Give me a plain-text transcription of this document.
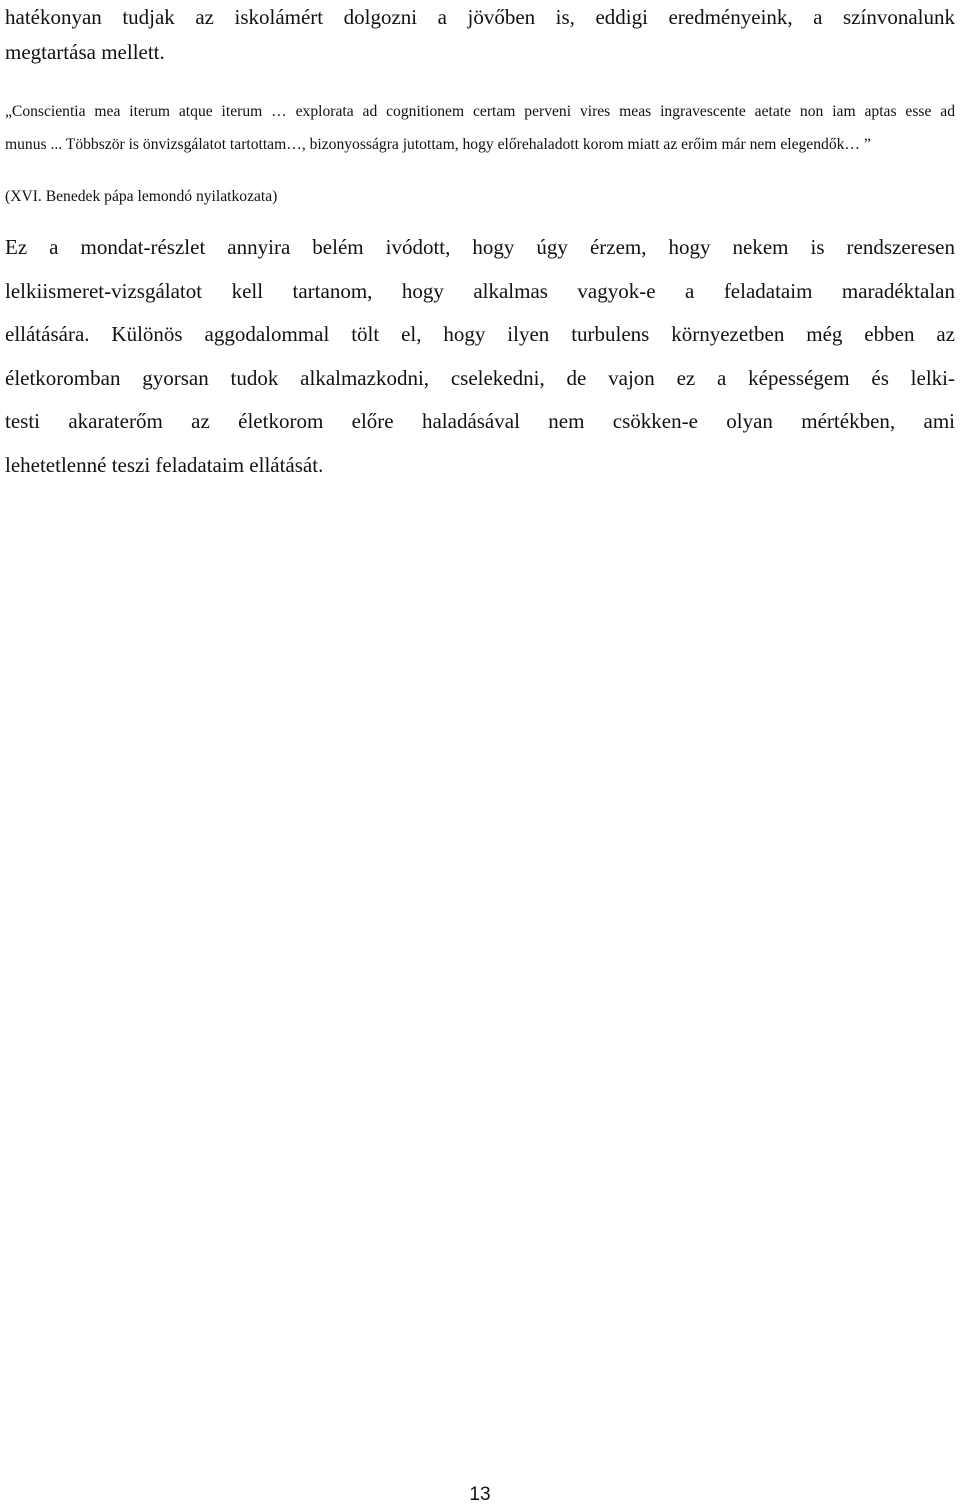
hatékonyan tudjak az iskolámért dolgozni a jövőben is, eddigi eredményeink, a színvonalunk
megtartása mellett.

„Conscientia mea iterum atque iterum … explorata ad cognitionem certam perveni vires meas ingravescente aetate non iam aptas esse ad
munus ... Többször is önvizsgálatot tartottam…, bizonyosságra jutottam, hogy előrehaladott korom miatt az erőim már nem elegendők… ”

(XVI. Benedek pápa lemondó nyilatkozata)

Ez a mondat-részlet annyira belém ivódott, hogy úgy érzem, hogy nekem is rendszeresen
lelkiismeret-vizsgálatot kell tartanom, hogy alkalmas vagyok-e a feladataim maradéktalan
ellátására. Különös aggodalommal tölt el, hogy ilyen turbulens környezetben még ebben az
életkoromban gyorsan tudok alkalmazkodni, cselekedni, de vajon ez a képességem és lelki-
testi akaraterőm az életkorom előre haladásával nem csökken-e olyan mértékben, ami
lehetetlenné teszi feladataim ellátását.

13
